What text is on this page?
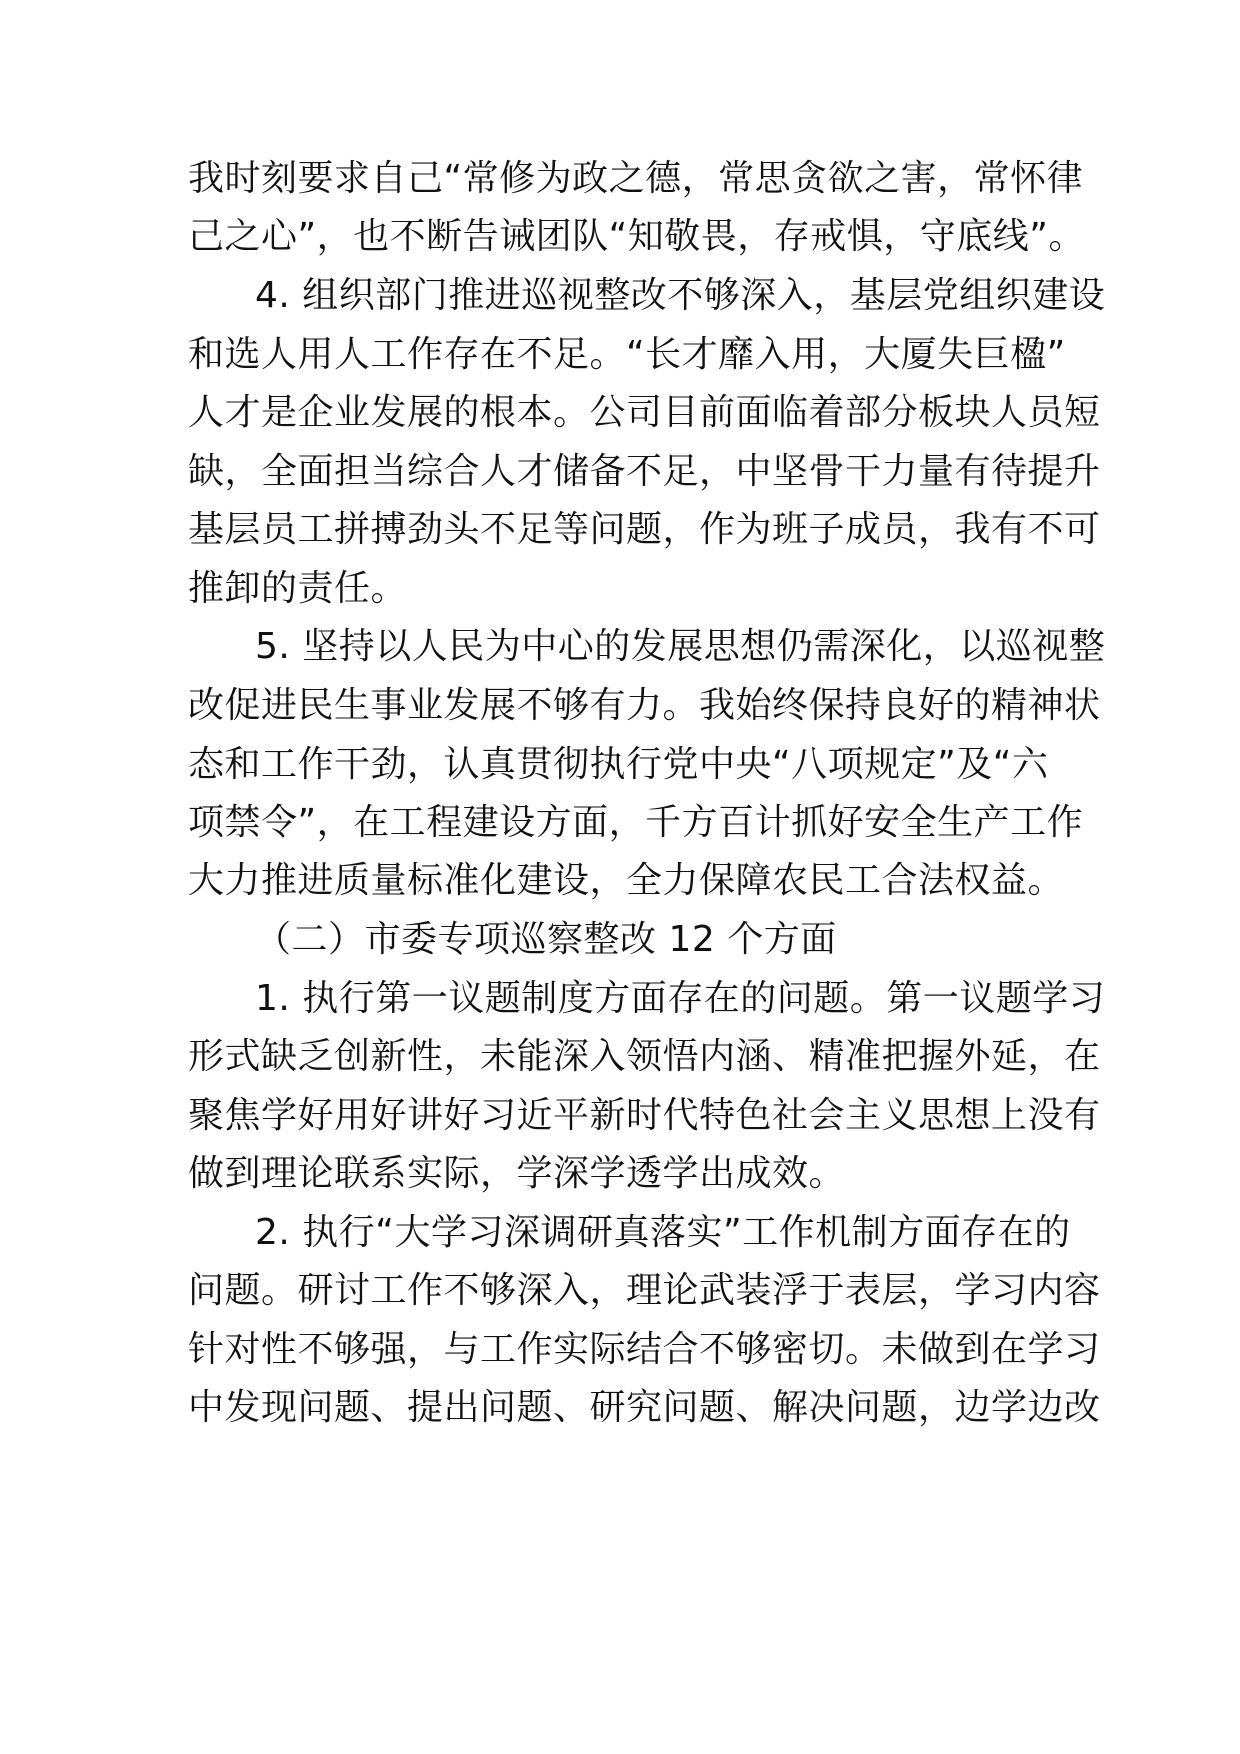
我时刻要求自己“常修为政之德，常思贪欲之害，常怀律
己之心”，也不断告诫团队“知敬畏，存戒惧，守底线”。
4. 组织部门推进巡视整改不够深入，基层党组织建设
和选人用人工作存在不足。“长才靡入用，大厦失巨楹”
人才是企业发展的根本。公司目前面临着部分板块人员短
缺，全面担当综合人才储备不足，中坚骨干力量有待提升
基层员工拼搏劲头不足等问题，作为班子成员，我有不可
推卸的责任。
5. 坚持以人民为中心的发展思想仍需深化，以巡视整
改促进民生事业发展不够有力。我始终保持良好的精神状
态和工作干劲，认真贯彻执行党中央“八项规定”及“六
项禁令”，在工程建设方面，千方百计抓好安全生产工作
大力推进质量标准化建设，全力保障农民工合法权益。
（二）市委专项巡察整改 12 个方面
1. 执行第一议题制度方面存在的问题。第一议题学习
形式缺乏创新性，未能深入领悟内涵、精准把握外延，在
聚焦学好用好讲好习近平新时代特色社会主义思想上没有
做到理论联系实际，学深学透学出成效。
2. 执行“大学习深调研真落实”工作机制方面存在的
问题。研讨工作不够深入，理论武装浮于表层，学习内容
针对性不够强，与工作实际结合不够密切。未做到在学习
中发现问题、提出问题、研究问题、解决问题，边学边改
